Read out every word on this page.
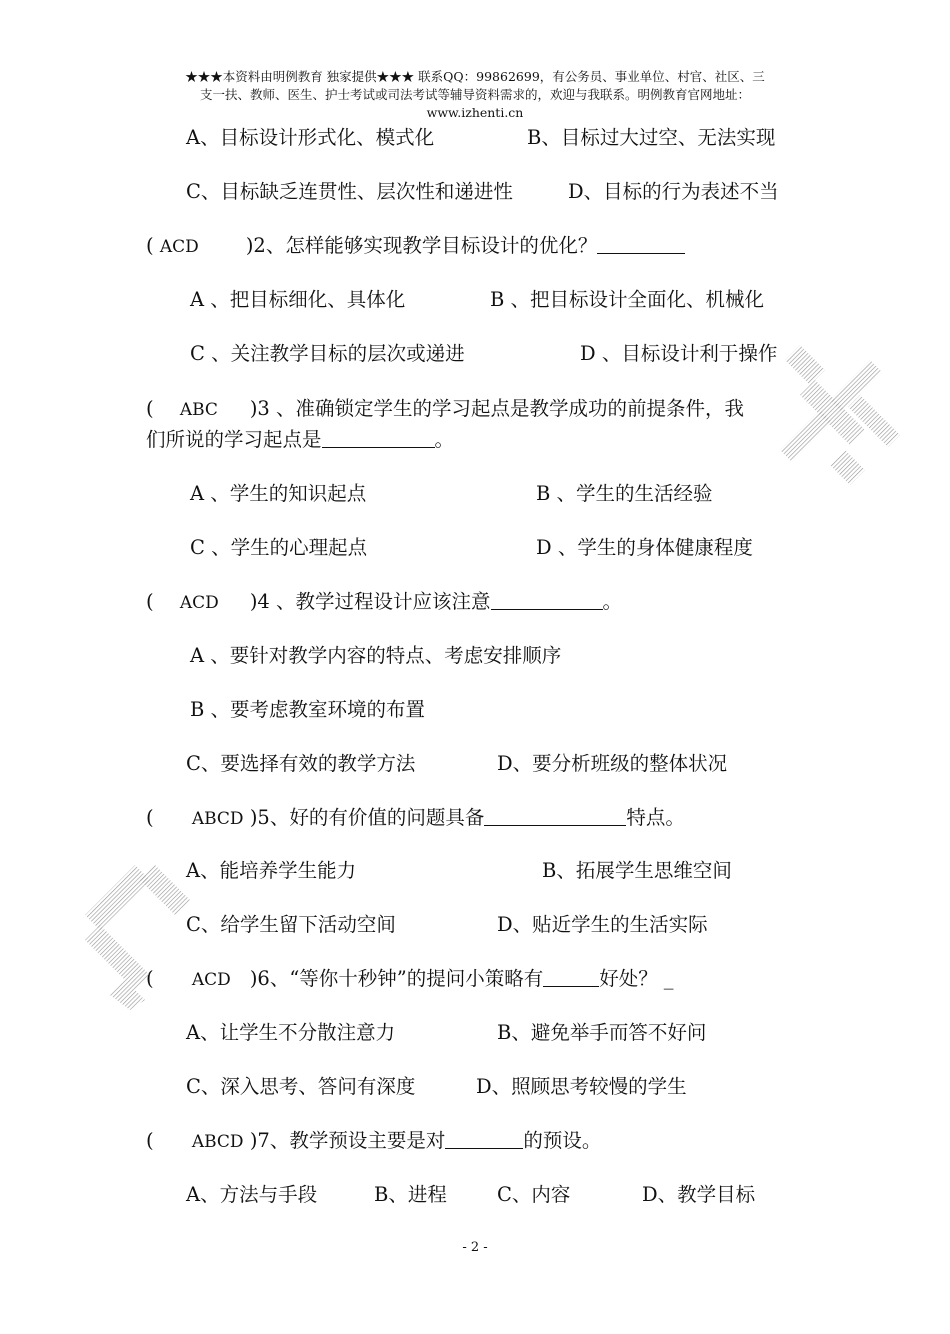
★★★本资料由明例教育 独家提供★★★ 联系QQ：99862699，有公务员、事业单位、村官、社区、三
支一扶、教师、医生、护士考试或司法考试等辅导资料需求的，欢迎与我联系。明例教育官网地址：
www.izhenti.cn
A、目标设计形式化、模式化	B、目标过大过空、无法实现
C、目标缺乏连贯性、层次性和递进性	D、目标的行为表述不当
( ACD )2、怎样能够实现教学目标设计的优化？
A 、把目标细化、具体化	B 、把目标设计全面化、机械化
C 、关注教学目标的层次或递进	D 、目标设计利于操作
( ABC )3 、准确锁定学生的学习起点是教学成功的前提条件，我
们所说的学习起点是	。
A 、学生的知识起点	B 、学生的生活经验
C 、学生的心理起点	D 、学生的身体健康程度
( ACD )4 、教学过程设计应该注意	。
A 、要针对教学内容的特点、考虑安排顺序
B 、要考虑教室环境的布置
C、要选择有效的教学方法	D、要分析班级的整体状况
( ABCD )5、好的有价值的问题具备	特点。
A、能培养学生能力	B、拓展学生思维空间
C、给学生留下活动空间	D、贴近学生的生活实际
( ACD )6、“等你十秒钟”的提问小策略有	好处？ _
A、让学生不分散注意力	B、避免举手而答不好问
C、深入思考、答问有深度	D、照顾思考较慢的学生
( ABCD )7、教学预设主要是对	的预设。
A、方法与手段	B、进程	C、内容	D、教学目标
- 2 -
